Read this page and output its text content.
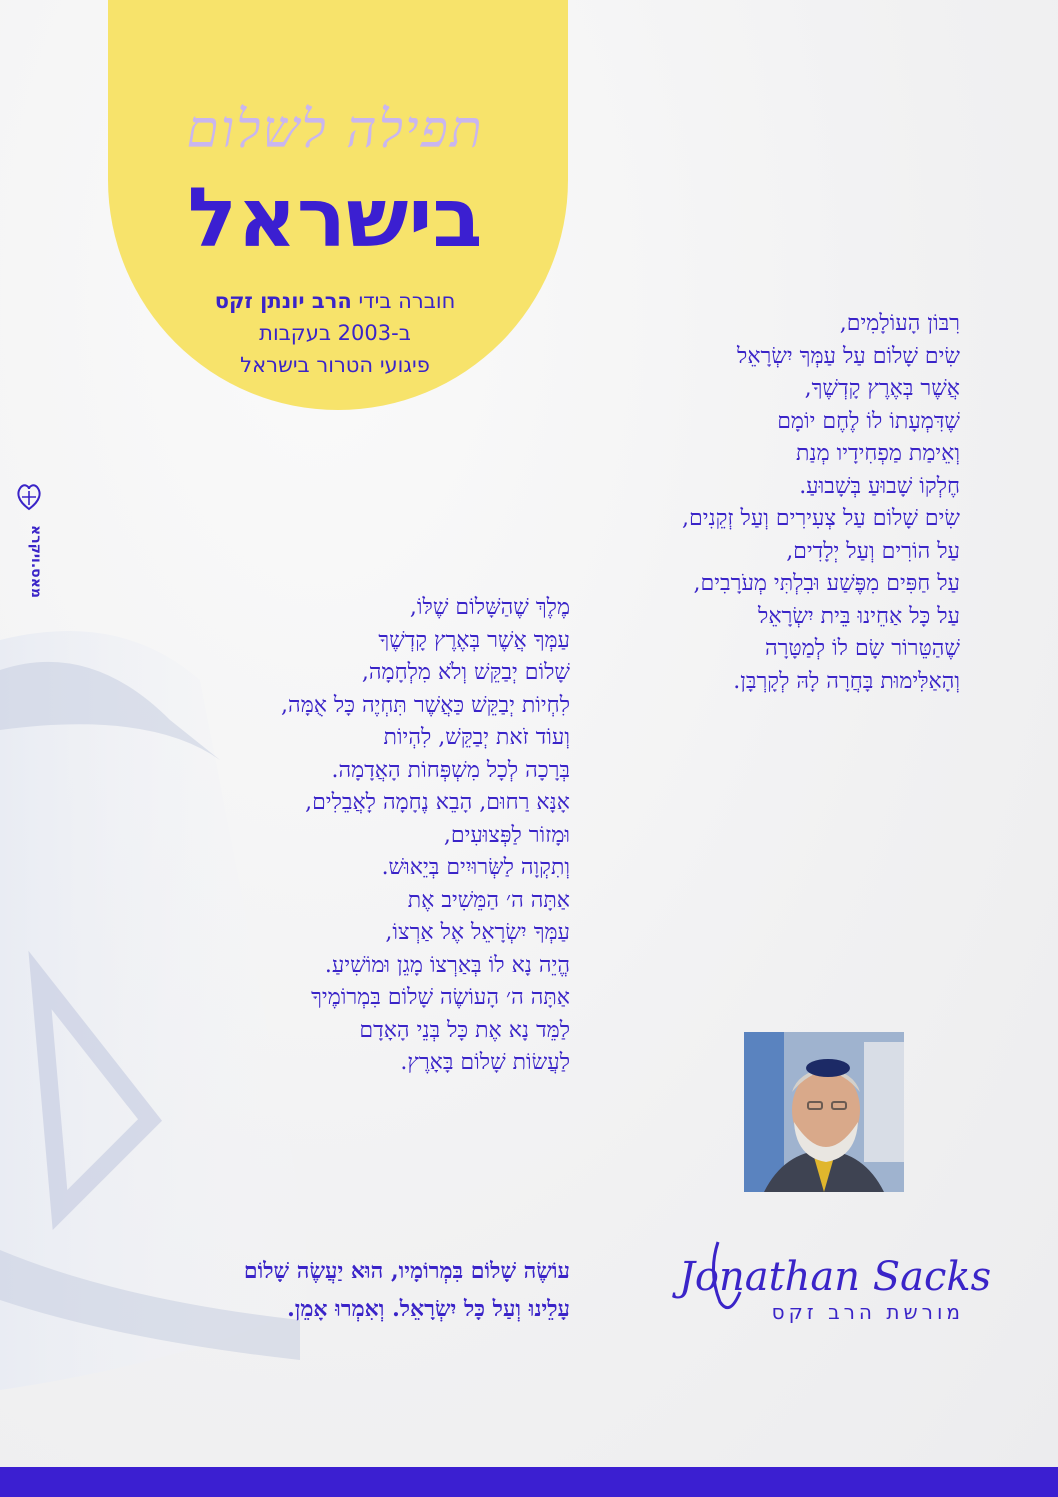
תפילה לשלום
בישראל
חוברה בידי הרב יונתן זקס
ב-2003 בעקבות
פיגועי הטרור בישראל
מאס.ויקרא
רִבּוֹן הָעוֹלָמִים,
שִׂים שָׁלוֹם עַל עַמְּךָ יִשְׂרָאֵל
אֲשֶׁר בְּאֶרֶץ קָדְשֶׁךָ,
שֶׁדִּמְעָתוֹ לוֹ לֶחֶם יוֹמָם
וְאֵימַת מַפְחִידָיו מְנַת
חֶלְקוֹ שָׁבוּעַ בְּשָׁבוּעַ.
שִׂים שָׁלוֹם עַל צְעִירִים וְעַל זְקֵנִים,
עַל הוֹרִים וְעַל יְלָדִים,
עַל חַפִּים מִפֶּשַׁע וּבִלְתִּי מְעֹרָבִים,
עַל כָּל אַחֵינוּ בֵּית יִשְׂרָאֵל
שֶׁהַטֵּרוֹר שָׂם לוֹ לְמַטָּרָה
וְהָאַלִּימוּת בָּחֲרָה לָהּ לְקָרְבָּן.
מֶלֶךְ שֶׁהַשָּׁלוֹם שֶׁלּוֹ,
עַמְּךָ אֲשֶׁר בְּאֶרֶץ קָדְשֶׁךָ
שָׁלוֹם יְבַקֵּשׁ וְלֹא מִלְחָמָה,
לִחְיוֹת יְבַקֵּשׁ כַּאֲשֶׁר תִּחְיֶה כָּל אֻמָּה,
וְעוֹד זֹאת יְבַקֵּשׁ, לִהְיוֹת
בְּרָכָה לְכָל מִשְׁפְּחוֹת הָאֲדָמָה.
אָנָּא רַחוּם, הָבֵא נֶחָמָה לָאֲבֵלִים,
וּמָזוֹר לַפְּצוּעִים,
וְתִקְוָה לַשְּׂרוּיִים בְּיֵאוּשׁ.
אַתָּה ה׳ הַמֵּשִׁיב אֶת
עַמְּךָ יִשְׂרָאֵל אֶל אַרְצוֹ,
הֱיֵה נָא לוֹ בְּאַרְצוֹ מָגֵן וּמוֹשִׁיעַ.
אַתָּה ה׳ הָעוֹשֶׂה שָׁלוֹם בִּמְרוֹמֶיךָ
לַמֵּד נָא אֶת כָּל בְּנֵי הָאָדָם
לַעֲשׂוֹת שָׁלוֹם בָּאָרֶץ.
עוֹשֶׂה שָׁלוֹם בִּמְרוֹמָיו, הוּא יַעֲשֶׂה שָׁלוֹם
עָלֵינוּ וְעַל כָּל יִשְׂרָאֵל. וְאִמְרוּ אָמֵן.
Jonathan Sacks
מורשת הרב זקס
